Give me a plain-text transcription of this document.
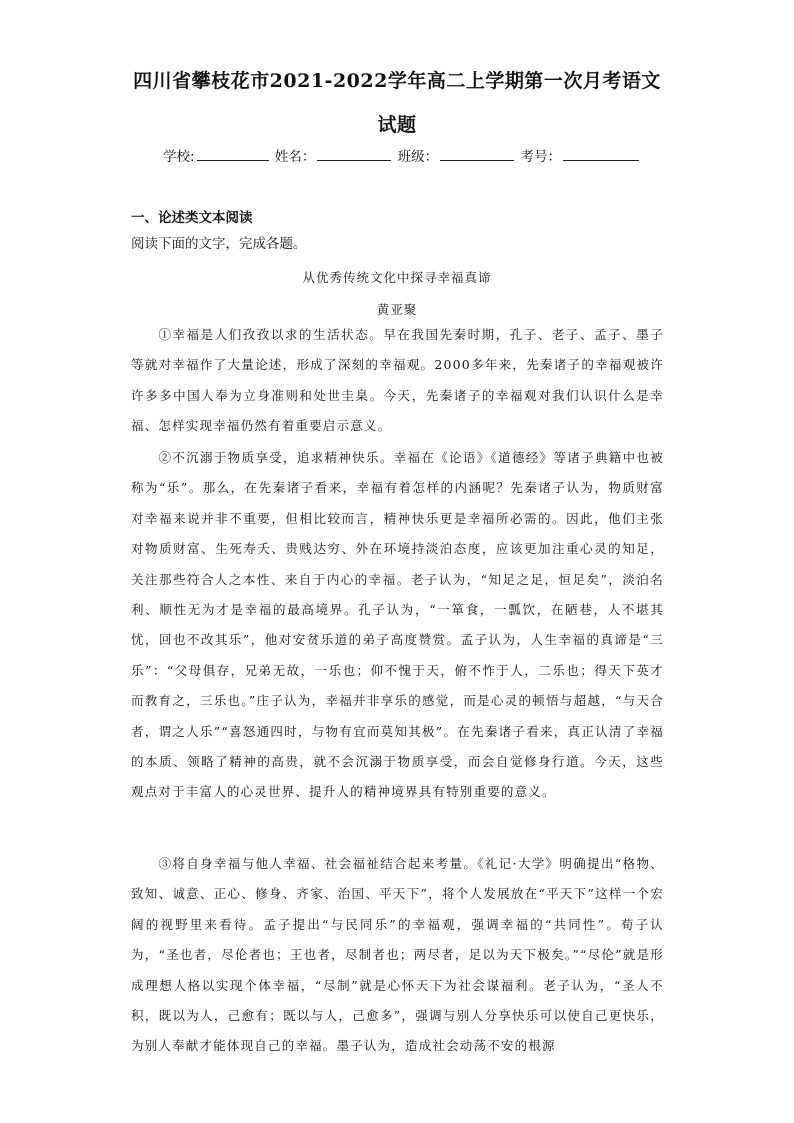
四川省攀枝花市2021-2022学年高二上学期第一次月考语文
试题
学校:	姓名：	班级：	考号：
一、论述类文本阅读
阅读下面的文字，完成各题。
从优秀传统文化中探寻幸福真谛
黄亚聚

①幸福是人们孜孜以求的生活状态。早在我国先秦时期，孔子、老子、孟子、墨子等就对幸福作了大量论述，形成了深刻的幸福观。2000多年来，先秦诸子的幸福观被许许多多中国人奉为立身准则和处世圭臬。今天，先秦诸子的幸福观对我们认识什么是幸福、怎样实现幸福仍然有着重要启示意义。

②不沉溺于物质享受，追求精神快乐。幸福在《论语》《道德经》等诸子典籍中也被称为“乐”。那么，在先秦诸子看来，幸福有着怎样的内涵呢？先秦诸子认为，物质财富对幸福来说并非不重要，但相比较而言，精神快乐更是幸福所必需的。因此，他们主张对物质财富、生死寿夭、贵贱达穷、外在环境持淡泊态度，应该更加注重心灵的知足，关注那些符合人之本性、来自于内心的幸福。老子认为，“知足之足，恒足矣”，淡泊名利、顺性无为才是幸福的最高境界。孔子认为，“一箪食，一瓢饮，在陋巷，人不堪其忧，回也不改其乐”，他对安贫乐道的弟子高度赞赏。孟子认为，人生幸福的真谛是“三乐”：“父母俱存，兄弟无故，一乐也；仰不愧于天，俯不怍于人，二乐也；得天下英才而教育之，三乐也。”庄子认为，幸福并非享乐的感觉，而是心灵的顿悟与超越，“与天合者，谓之人乐”“喜怒通四时，与物有宜而莫知其极”。在先秦诸子看来，真正认清了幸福的本质、领略了精神的高贵，就不会沉溺于物质享受，而会自觉修身行道。今天，这些观点对于丰富人的心灵世界、提升人的精神境界具有特别重要的意义。

③将自身幸福与他人幸福、社会福祉结合起来考量。《礼记·大学》明确提出“格物、致知、诚意、正心、修身、齐家、治国、平天下”，将个人发展放在“平天下”这样一个宏阔的视野里来看待。孟子提出“与民同乐”的幸福观，强调幸福的“共同性”。荀子认为，“圣也者，尽伦者也；王也者，尽制者也；两尽者，足以为天下极矣。”“尽伦”就是形成理想人格以实现个体幸福，“尽制”就是心怀天下为社会谋福利。老子认为，“圣人不积，既以为人，己愈有；既以与人，己愈多”，强调与别人分享快乐可以使自己更快乐，为别人奉献才能体现自己的幸福。墨子认为，造成社会动荡不安的根源
